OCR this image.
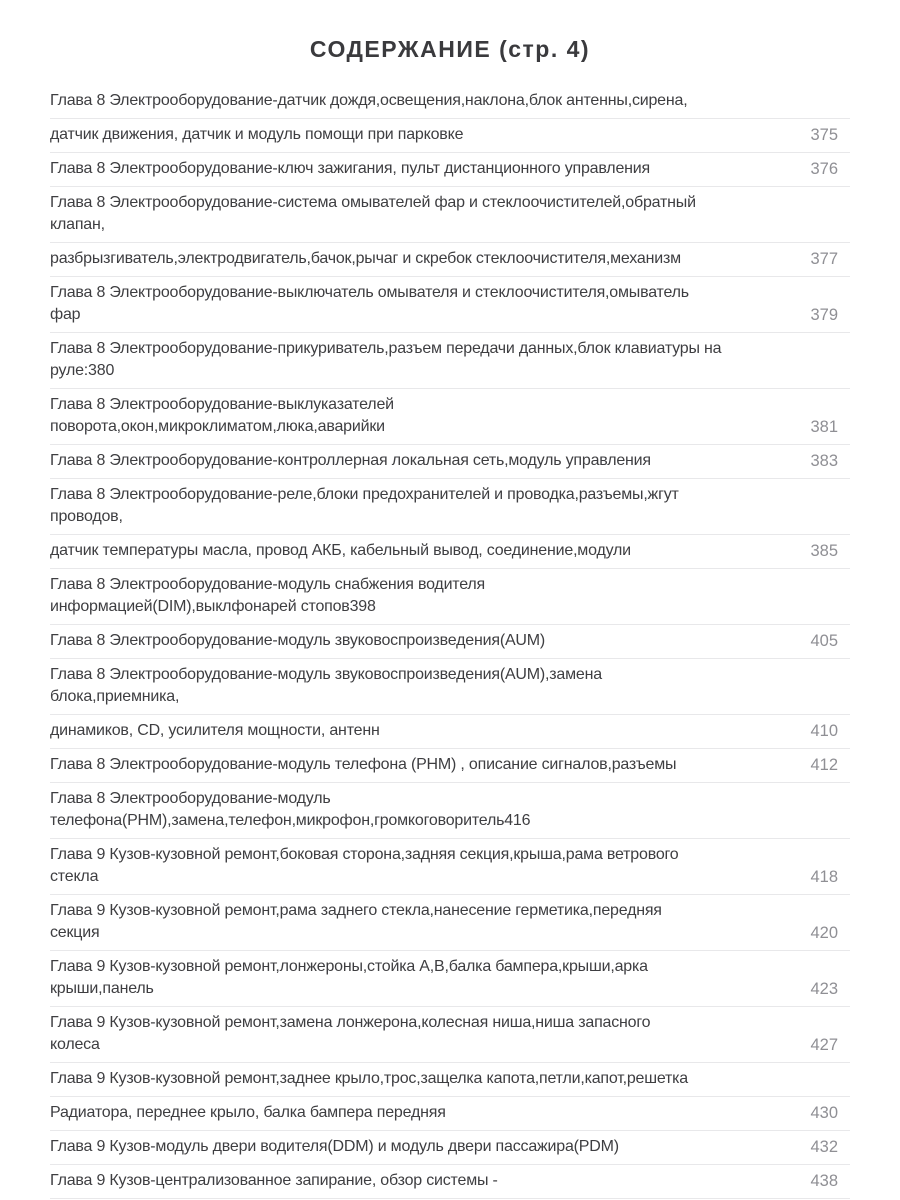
СОДЕРЖАНИЕ (стр. 4)
Глава 8 Электрооборудование-датчик дождя,освещения,наклона,блок антенны,сирена,
датчик движения, датчик и модуль помощи при парковке	375
Глава 8 Электрооборудование-ключ зажигания, пульт дистанционного управления	376
Глава 8 Электрооборудование-система омывателей фар и стеклоочистителей,обратный
клапан,
разбрызгиватель,электродвигатель,бачок,рычаг и скребок стеклоочистителя,механизм	377
Глава 8 Электрооборудование-выключатель омывателя и стеклоочистителя,омыватель
фар	379
Глава 8 Электрооборудование-прикуриватель,разъем передачи данных,блок клавиатуры на
руле:380
Глава 8 Электрооборудование-выклуказателей
поворота,окон,микроклиматом,люка,аварийки	381
Глава 8 Электрооборудование-контроллерная локальная сеть,модуль управления	383
Глава 8 Электрооборудование-реле,блоки предохранителей и проводка,разъемы,жгут
проводов,
датчик температуры масла, провод АКБ, кабельный вывод, соединение,модули	385
Глава 8 Электрооборудование-модуль снабжения водителя
информацией(DIM),выклфонарей стопов398
Глава 8 Электрооборудование-модуль звуковоспроизведения(AUM)	405
Глава 8 Электрооборудование-модуль звуковоспроизведения(AUM),замена
блока,приемника,
динамиков, CD, усилителя мощности, антенн	410
Глава 8 Электрооборудование-модуль телефона (PHM) , описание сигналов,разъемы	412
Глава 8 Электрооборудование-модуль
телефона(PHM),замена,телефон,микрофон,громкоговоритель416
Глава 9 Кузов-кузовной ремонт,боковая сторона,задняя секция,крыша,рама ветрового
стекла	418
Глава 9 Кузов-кузовной ремонт,рама заднего стекла,нанесение герметика,передняя
секция	420
Глава 9 Кузов-кузовной ремонт,лонжероны,стойка А,В,балка бампера,крыши,арка
крыши,панель	423
Глава 9 Кузов-кузовной ремонт,замена лонжерона,колесная ниша,ниша запасного
колеса	427
Глава 9 Кузов-кузовной ремонт,заднее крыло,трос,защелка капота,петли,капот,решетка
Радиатора, переднее крыло, балка бампера передняя	430
Глава 9 Кузов-модуль двери водителя(DDM) и модуль двери пассажира(PDM)	432
Глава 9 Кузов-централизованное запирание, обзор системы -	438
